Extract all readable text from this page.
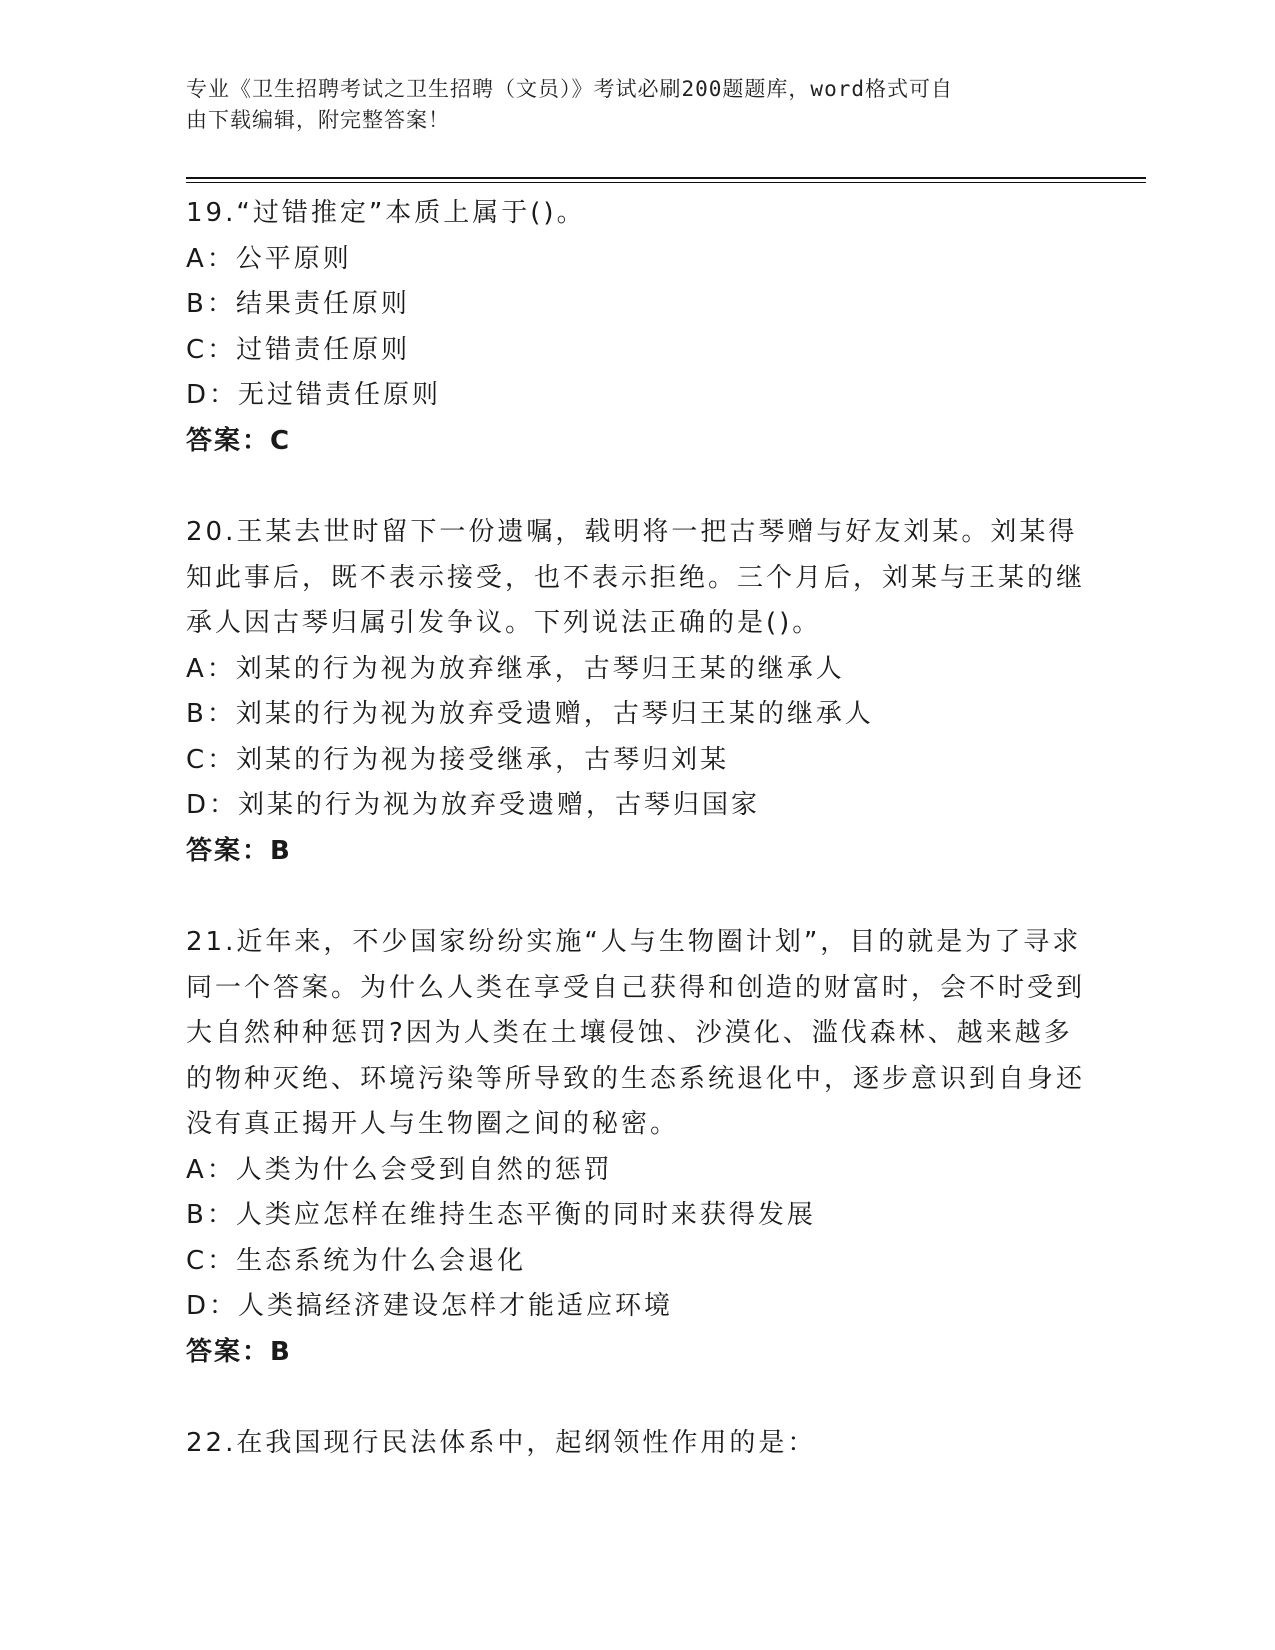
专业《卫生招聘考试之卫生招聘（文员）》考试必刷200题题库，word格式可自
由下载编辑，附完整答案！

19.“过错推定”本质上属于()。

A：公平原则

B：结果责任原则

C：过错责任原则

D：无过错责任原则

答案：C

20.王某去世时留下一份遗嘱，载明将一把古琴赠与好友刘某。刘某得知此事后，既不表示接受，也不表示拒绝。三个月后，刘某与王某的继承人因古琴归属引发争议。下列说法正确的是()。

A：刘某的行为视为放弃继承，古琴归王某的继承人

B：刘某的行为视为放弃受遗赠，古琴归王某的继承人

C：刘某的行为视为接受继承，古琴归刘某

D：刘某的行为视为放弃受遗赠，古琴归国家

答案：B

21.近年来，不少国家纷纷实施“人与生物圈计划”，目的就是为了寻求同一个答案。为什么人类在享受自己获得和创造的财富时，会不时受到大自然种种惩罚?因为人类在土壤侵蚀、沙漠化、滥伐森林、越来越多的物种灭绝、环境污染等所导致的生态系统退化中，逐步意识到自身还没有真正揭开人与生物圈之间的秘密。

A：人类为什么会受到自然的惩罚

B：人类应怎样在维持生态平衡的同时来获得发展

C：生态系统为什么会退化

D：人类搞经济建设怎样才能适应环境

答案：B

22.在我国现行民法体系中，起纲领性作用的是：
